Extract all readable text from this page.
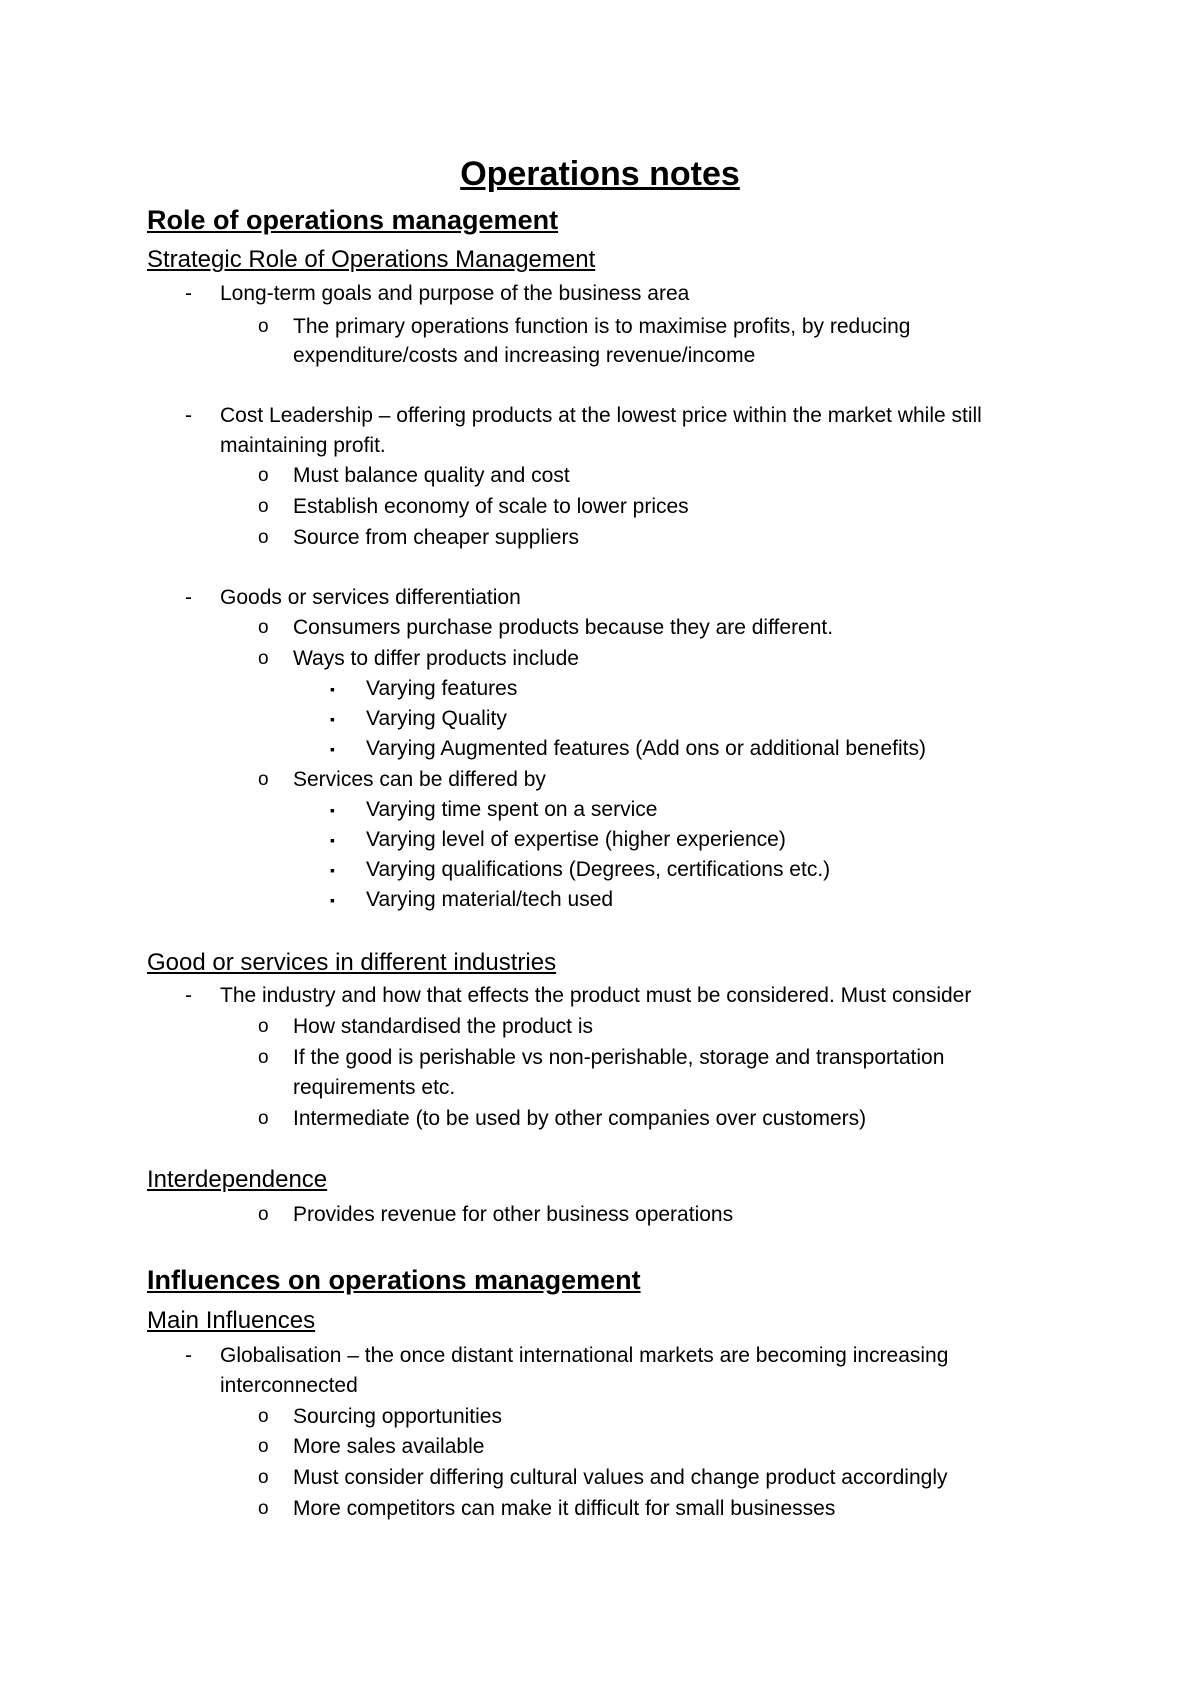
Operations notes
Role of operations management
Strategic Role of Operations Management
- Long-term goals and purpose of the business area
o The primary operations function is to maximise profits, by reducing
expenditure/costs and increasing revenue/income
- Cost Leadership – offering products at the lowest price within the market while still
maintaining profit.
o Must balance quality and cost
o Establish economy of scale to lower prices
o Source from cheaper suppliers
- Goods or services differentiation
o Consumers purchase products because they are different.
o Ways to differ products include
▪ Varying features
▪ Varying Quality
▪ Varying Augmented features (Add ons or additional benefits)
o Services can be differed by
▪ Varying time spent on a service
▪ Varying level of expertise (higher experience)
▪ Varying qualifications (Degrees, certifications etc.)
▪ Varying material/tech used
Good or services in different industries
- The industry and how that effects the product must be considered. Must consider
o How standardised the product is
o If the good is perishable vs non-perishable, storage and transportation
requirements etc.
o Intermediate (to be used by other companies over customers)
Interdependence
o Provides revenue for other business operations
Influences on operations management
Main Influences
- Globalisation – the once distant international markets are becoming increasing
interconnected
o Sourcing opportunities
o More sales available
o Must consider differing cultural values and change product accordingly
o More competitors can make it difficult for small businesses
